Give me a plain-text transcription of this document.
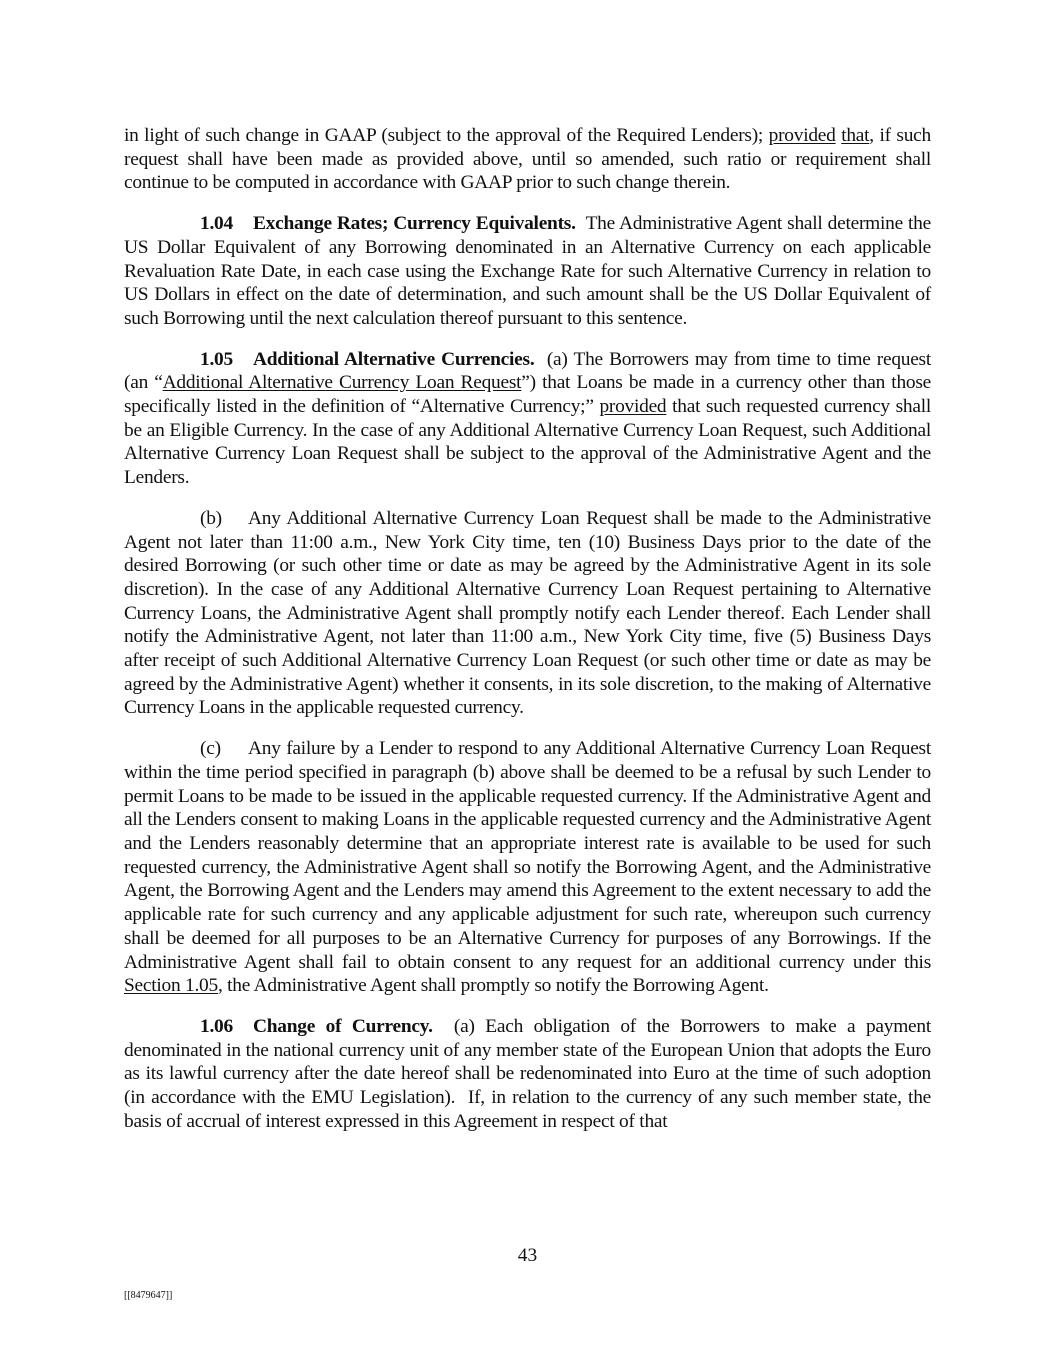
in light of such change in GAAP (subject to the approval of the Required Lenders); provided that, if such request shall have been made as provided above, until so amended, such ratio or requirement shall continue to be computed in accordance with GAAP prior to such change therein.

1.04 Exchange Rates; Currency Equivalents.  The Administrative Agent shall determine the US Dollar Equivalent of any Borrowing denominated in an Alternative Currency on each applicable Revaluation Rate Date, in each case using the Exchange Rate for such Alternative Currency in relation to US Dollars in effect on the date of determination, and such amount shall be the US Dollar Equivalent of such Borrowing until the next calculation thereof pursuant to this sentence.

1.05 Additional Alternative Currencies.  (a) The Borrowers may from time to time request (an “Additional Alternative Currency Loan Request”) that Loans be made in a currency other than those specifically listed in the definition of “Alternative Currency;” provided that such requested currency shall be an Eligible Currency. In the case of any Additional Alternative Currency Loan Request, such Additional Alternative Currency Loan Request shall be subject to the approval of the Administrative Agent and the Lenders.

(b) Any Additional Alternative Currency Loan Request shall be made to the Administrative Agent not later than 11:00 a.m., New York City time, ten (10) Business Days prior to the date of the desired Borrowing (or such other time or date as may be agreed by the Administrative Agent in its sole discretion). In the case of any Additional Alternative Currency Loan Request pertaining to Alternative Currency Loans, the Administrative Agent shall promptly notify each Lender thereof. Each Lender shall notify the Administrative Agent, not later than 11:00 a.m., New York City time, five (5) Business Days after receipt of such Additional Alternative Currency Loan Request (or such other time or date as may be agreed by the Administrative Agent) whether it consents, in its sole discretion, to the making of Alternative Currency Loans in the applicable requested currency.

(c) Any failure by a Lender to respond to any Additional Alternative Currency Loan Request within the time period specified in paragraph (b) above shall be deemed to be a refusal by such Lender to permit Loans to be made to be issued in the applicable requested currency. If the Administrative Agent and all the Lenders consent to making Loans in the applicable requested currency and the Administrative Agent and the Lenders reasonably determine that an appropriate interest rate is available to be used for such requested currency, the Administrative Agent shall so notify the Borrowing Agent, and the Administrative Agent, the Borrowing Agent and the Lenders may amend this Agreement to the extent necessary to add the applicable rate for such currency and any applicable adjustment for such rate, whereupon such currency shall be deemed for all purposes to be an Alternative Currency for purposes of any Borrowings. If the Administrative Agent shall fail to obtain consent to any request for an additional currency under this Section 1.05, the Administrative Agent shall promptly so notify the Borrowing Agent.

1.06 Change of Currency.  (a) Each obligation of the Borrowers to make a payment denominated in the national currency unit of any member state of the European Union that adopts the Euro as its lawful currency after the date hereof shall be redenominated into Euro at the time of such adoption (in accordance with the EMU Legislation).  If, in relation to the currency of any such member state, the basis of accrual of interest expressed in this Agreement in respect of that

43
[[8479647]]
